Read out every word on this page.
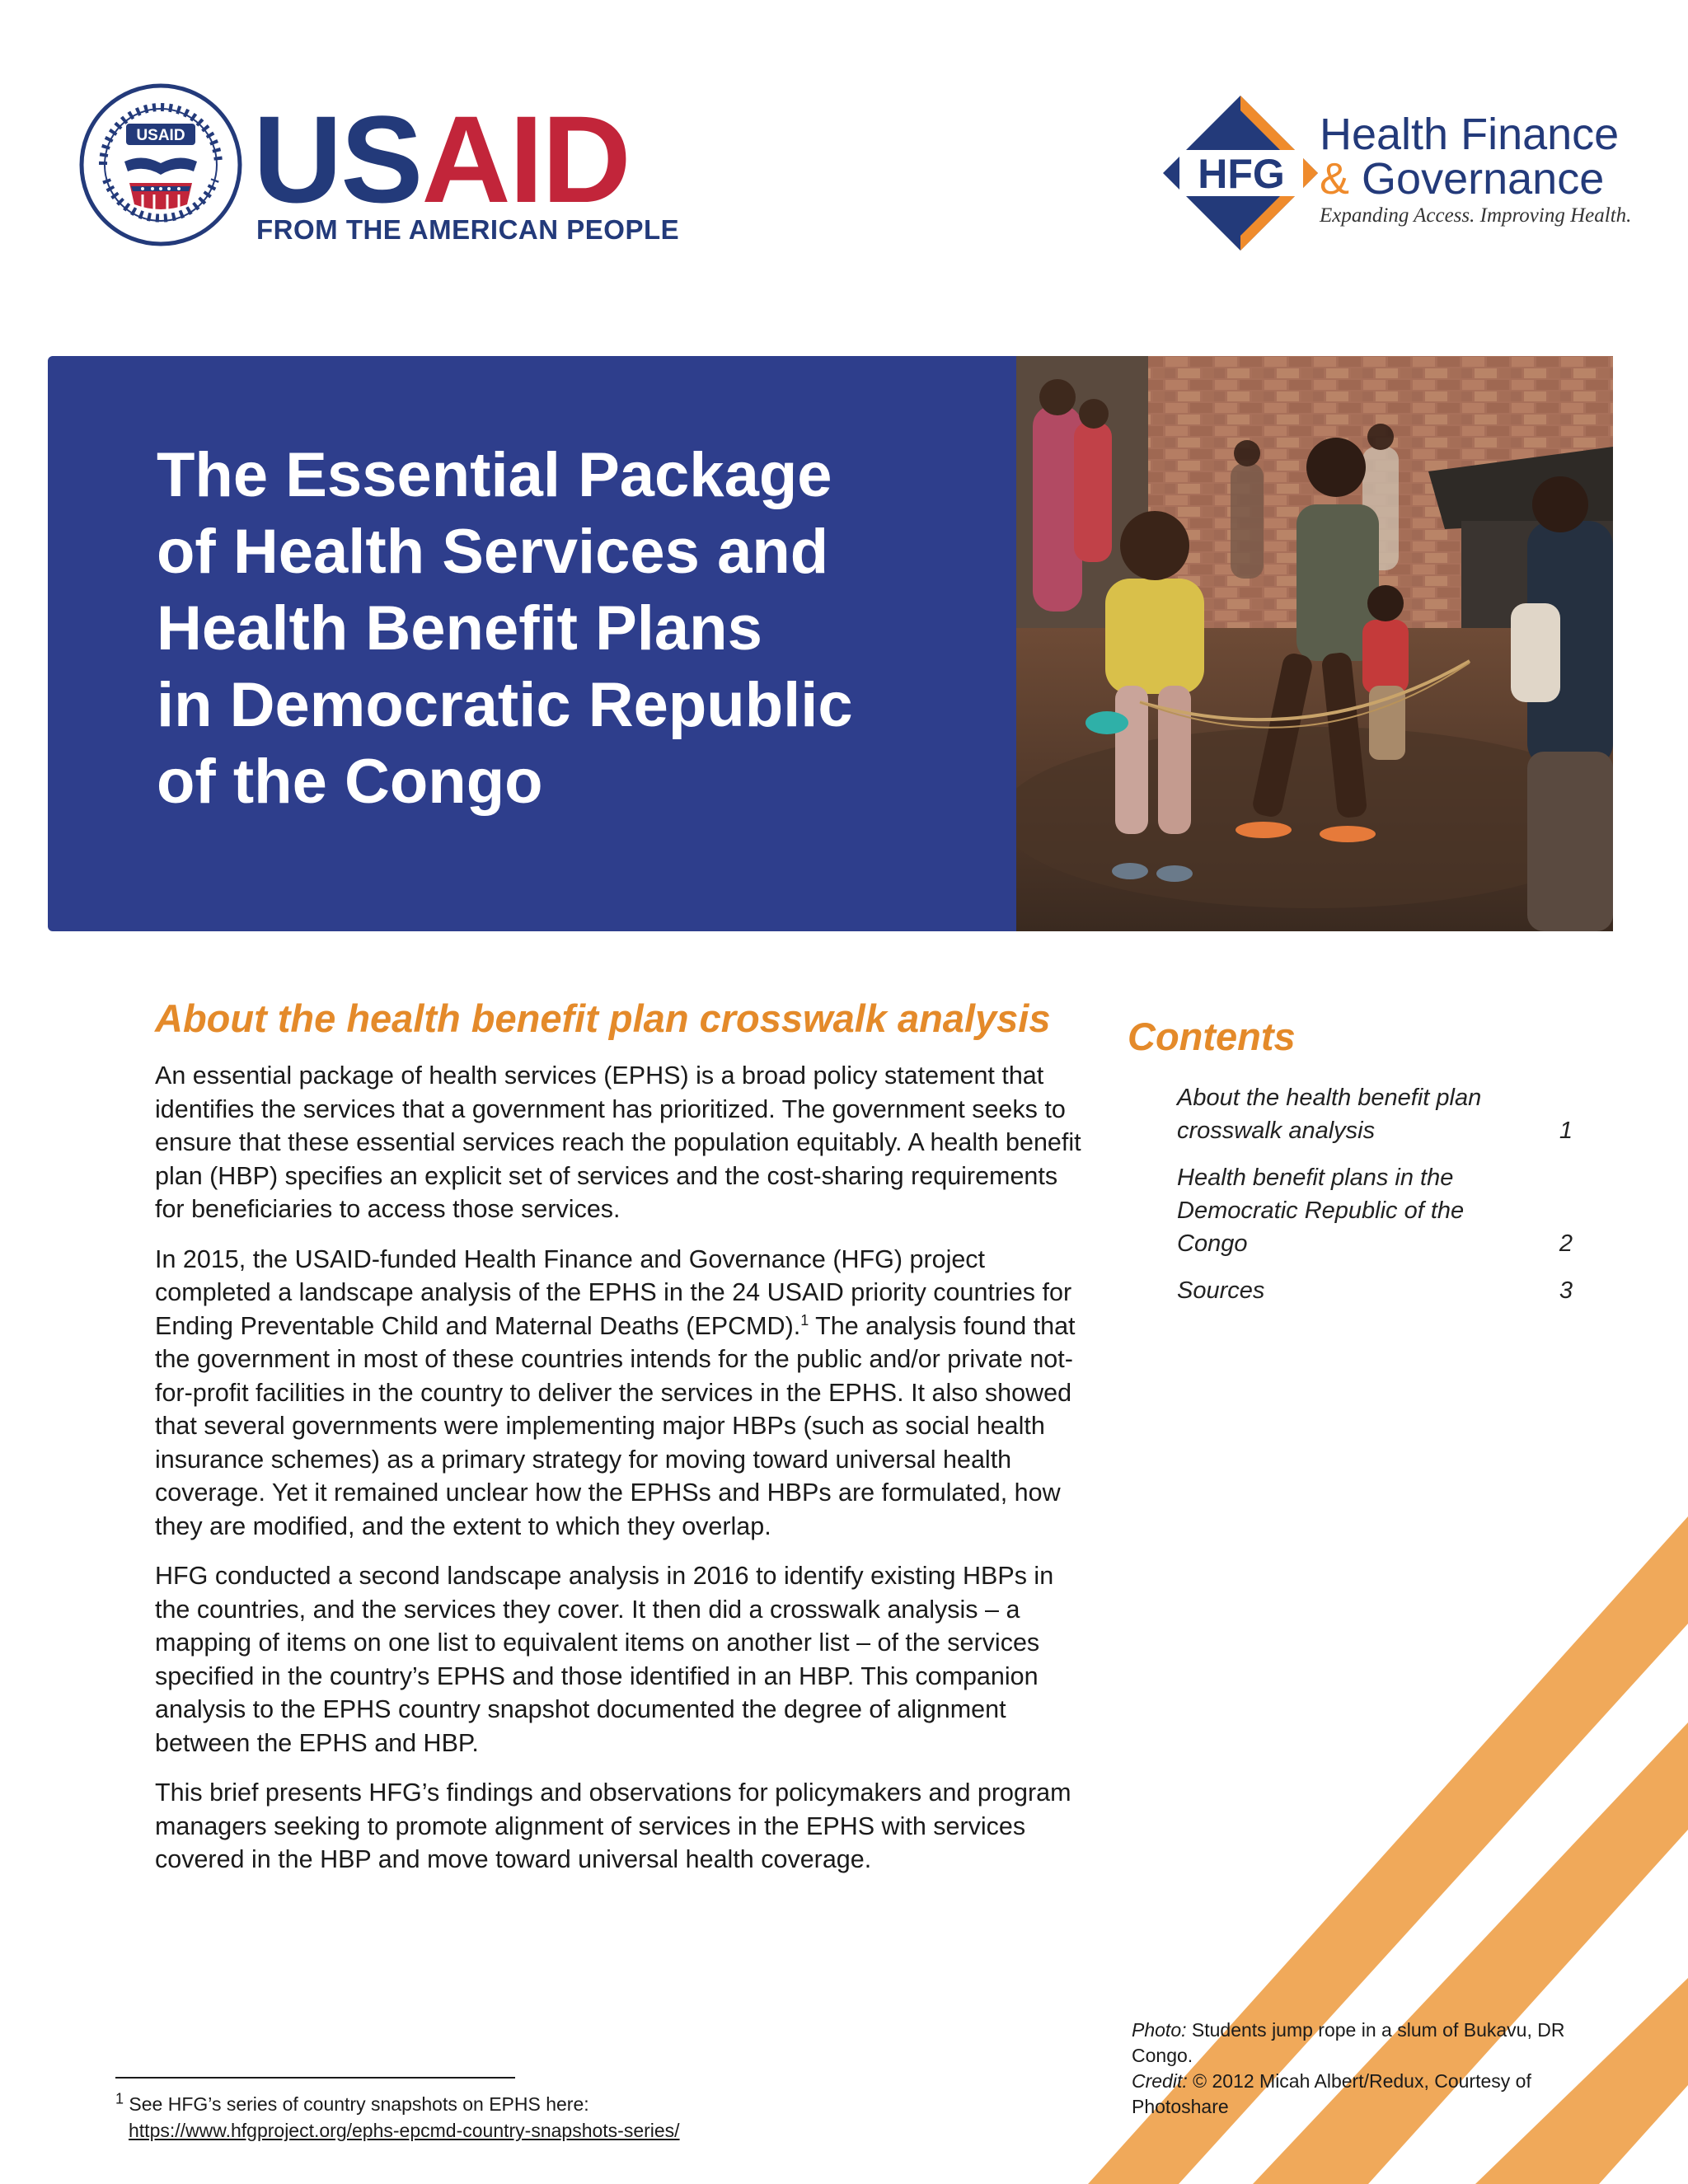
USAID USAID
FROM THE AMERICAN PEOPLE
HFG
Health Finance
& Governance
Expanding Access. Improving Health.
The Essential Package
of Health Services and
Health Benefit Plans
in Democratic Republic
of the Congo
About the health benefit plan crosswalk analysis

An essential package of health services (EPHS) is a broad policy statement that identifies the services that a government has prioritized. The government seeks to ensure that these essential services reach the population equitably. A health benefit plan (HBP) specifies an explicit set of services and the cost-sharing requirements for beneficiaries to access those services.

In 2015, the USAID-funded Health Finance and Governance (HFG) project completed a landscape analysis of the EPHS in the 24 USAID priority countries for Ending Preventable Child and Maternal Deaths (EPCMD).$^1$ The analysis found that the government in most of these countries intends for the public and/or private not-for-profit facilities in the country to deliver the services in the EPHS. It also showed that several governments were implementing major HBPs (such as social health insurance schemes) as a primary strategy for moving toward universal health coverage. Yet it remained unclear how the EPHSs and HBPs are formulated, how they are modified, and the extent to which they overlap.

HFG conducted a second landscape analysis in 2016 to identify existing HBPs in the countries, and the services they cover. It then did a crosswalk analysis – a mapping of items on one list to equivalent items on another list – of the services specified in the country’s EPHS and those identified in an HBP. This companion analysis to the EPHS country snapshot documented the degree of alignment between the EPHS and HBP.

This brief presents HFG’s findings and observations for policymakers and program managers seeking to promote alignment of services in the EPHS with services covered in the HBP and move toward universal health coverage.

Contents
About the health benefit plan crosswalk analysis	1
Health benefit plans in the Democratic Republic of the Congo	2
Sources	3
Photo: Students jump rope in a slum of Bukavu, DR Congo.
Credit: © 2012 Micah Albert/Redux, Courtesy of Photoshare
$^1$ See HFG’s series of country snapshots on EPHS here:
https://www.hfgproject.org/ephs-epcmd-country-snapshots-series/
